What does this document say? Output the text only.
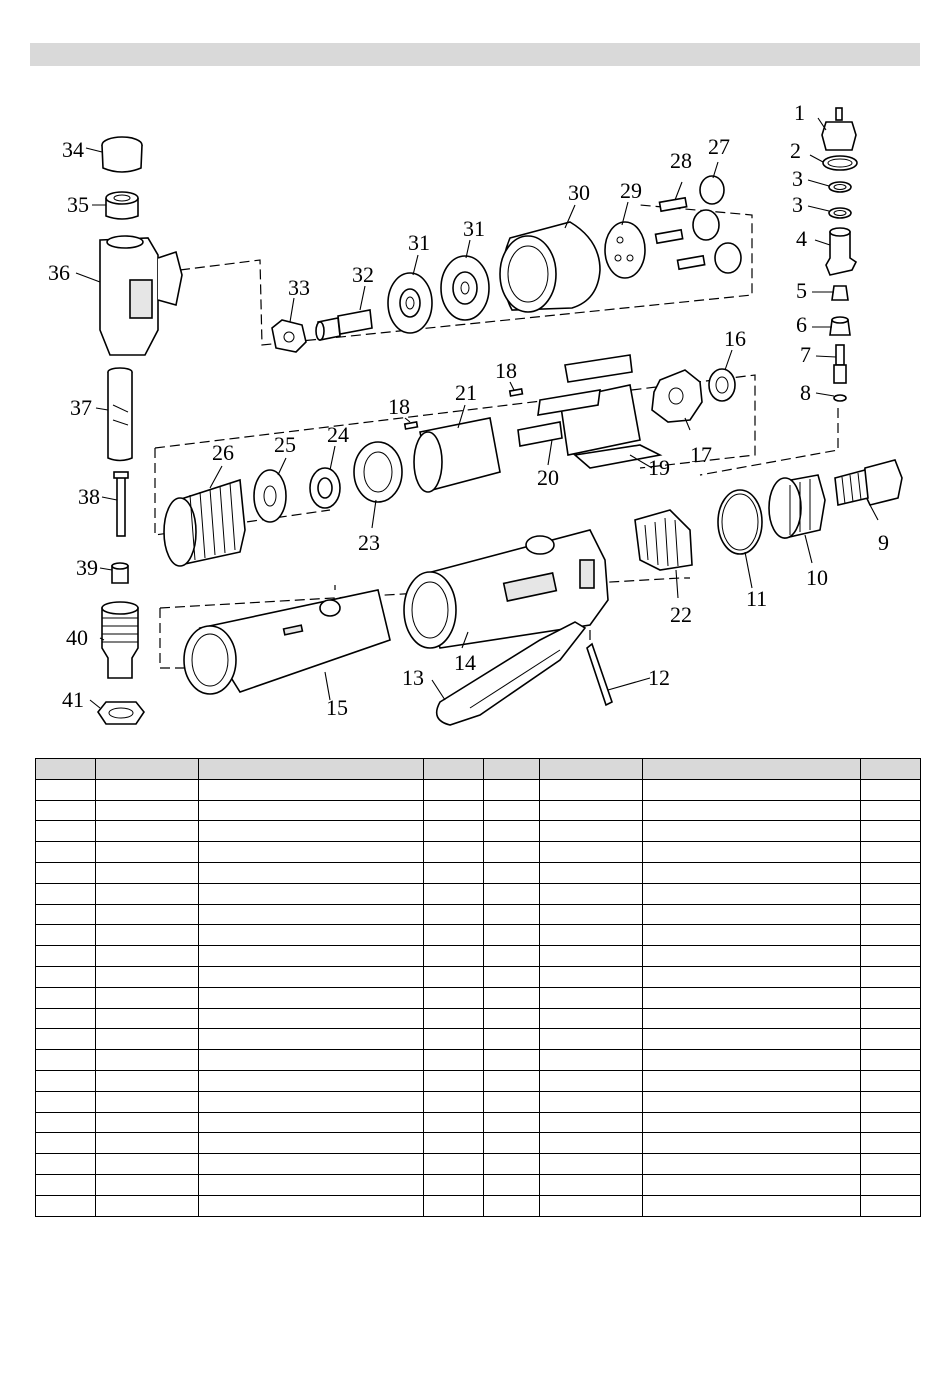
34
35
36
37
38
39
40
41
33
32
31
31
30 29
28
27
26 25 24
23
18
21
18
20	19
17
16
1
2
3
3
4
5
6
7
8
9
10
11
22
15
14
13	12
